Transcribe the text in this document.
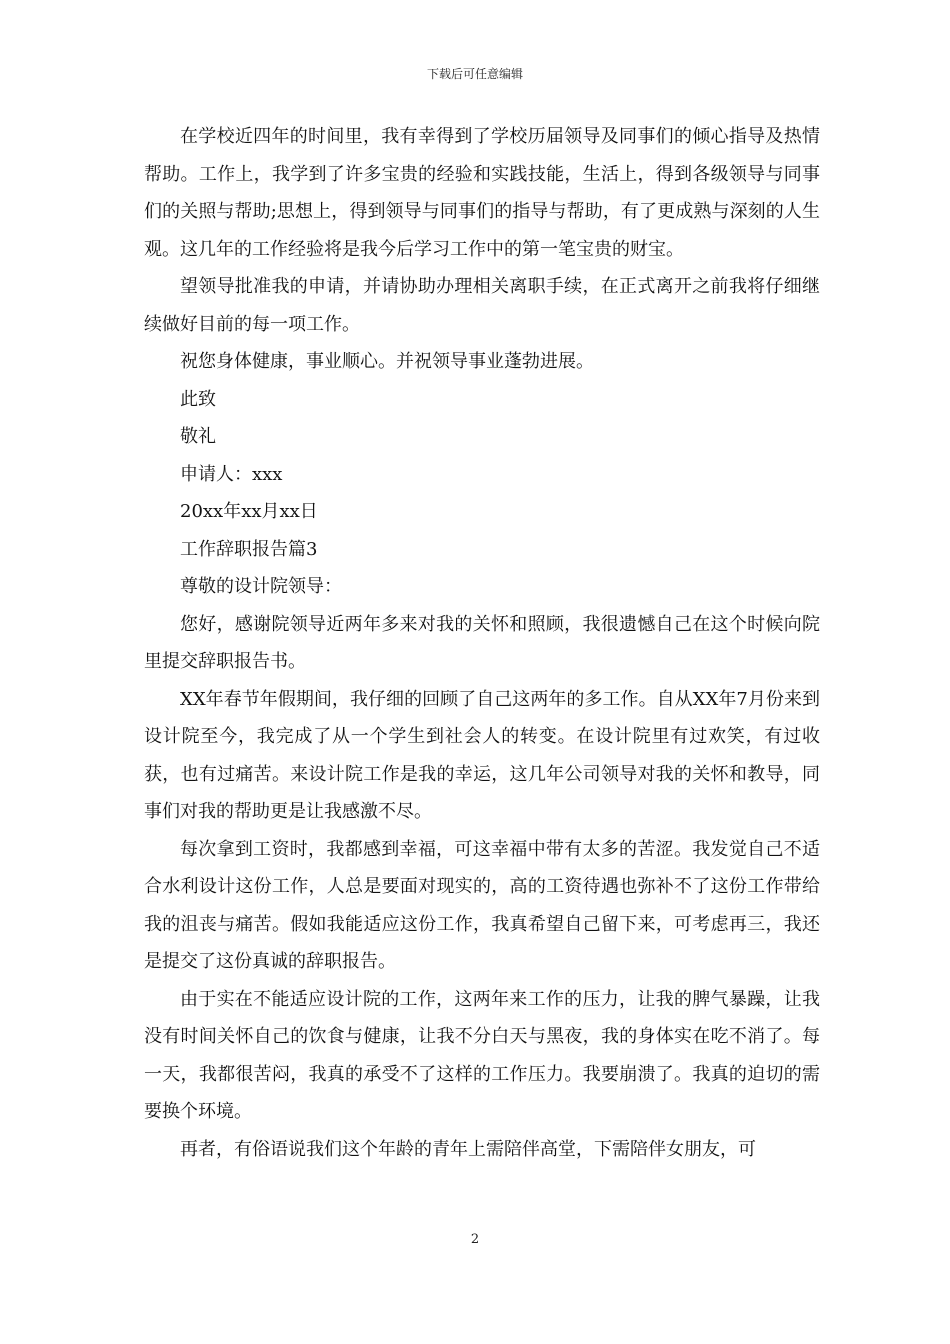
下载后可任意编辑

在学校近四年的时间里，我有幸得到了学校历届领导及同事们的倾心指导及热情帮助。工作上，我学到了许多宝贵的经验和实践技能，生活上，得到各级领导与同事们的关照与帮助;思想上，得到领导与同事们的指导与帮助，有了更成熟与深刻的人生观。这几年的工作经验将是我今后学习工作中的第一笔宝贵的财宝。

望领导批准我的申请，并请协助办理相关离职手续，在正式离开之前我将仔细继续做好目前的每一项工作。

祝您身体健康，事业顺心。并祝领导事业蓬勃进展。

此致

敬礼

申请人：xxx

20xx年xx月xx日

工作辞职报告篇3

尊敬的设计院领导：

您好，感谢院领导近两年多来对我的关怀和照顾，我很遗憾自己在这个时候向院里提交辞职报告书。

XX年春节年假期间，我仔细的回顾了自己这两年的多工作。自从XX年7月份来到设计院至今，我完成了从一个学生到社会人的转变。在设计院里有过欢笑，有过收获，也有过痛苦。来设计院工作是我的幸运，这几年公司领导对我的关怀和教导，同事们对我的帮助更是让我感激不尽。

每次拿到工资时，我都感到幸福，可这幸福中带有太多的苦涩。我发觉自己不适合水利设计这份工作，人总是要面对现实的，高的工资待遇也弥补不了这份工作带给我的沮丧与痛苦。假如我能适应这份工作，我真希望自己留下来，可考虑再三，我还是提交了这份真诚的辞职报告。

由于实在不能适应设计院的工作，这两年来工作的压力，让我的脾气暴躁，让我没有时间关怀自己的饮食与健康，让我不分白天与黑夜，我的身体实在吃不消了。每一天，我都很苦闷，我真的承受不了这样的工作压力。我要崩溃了。我真的迫切的需要换个环境。

再者，有俗语说我们这个年龄的青年上需陪伴高堂，下需陪伴女朋友，可

2
